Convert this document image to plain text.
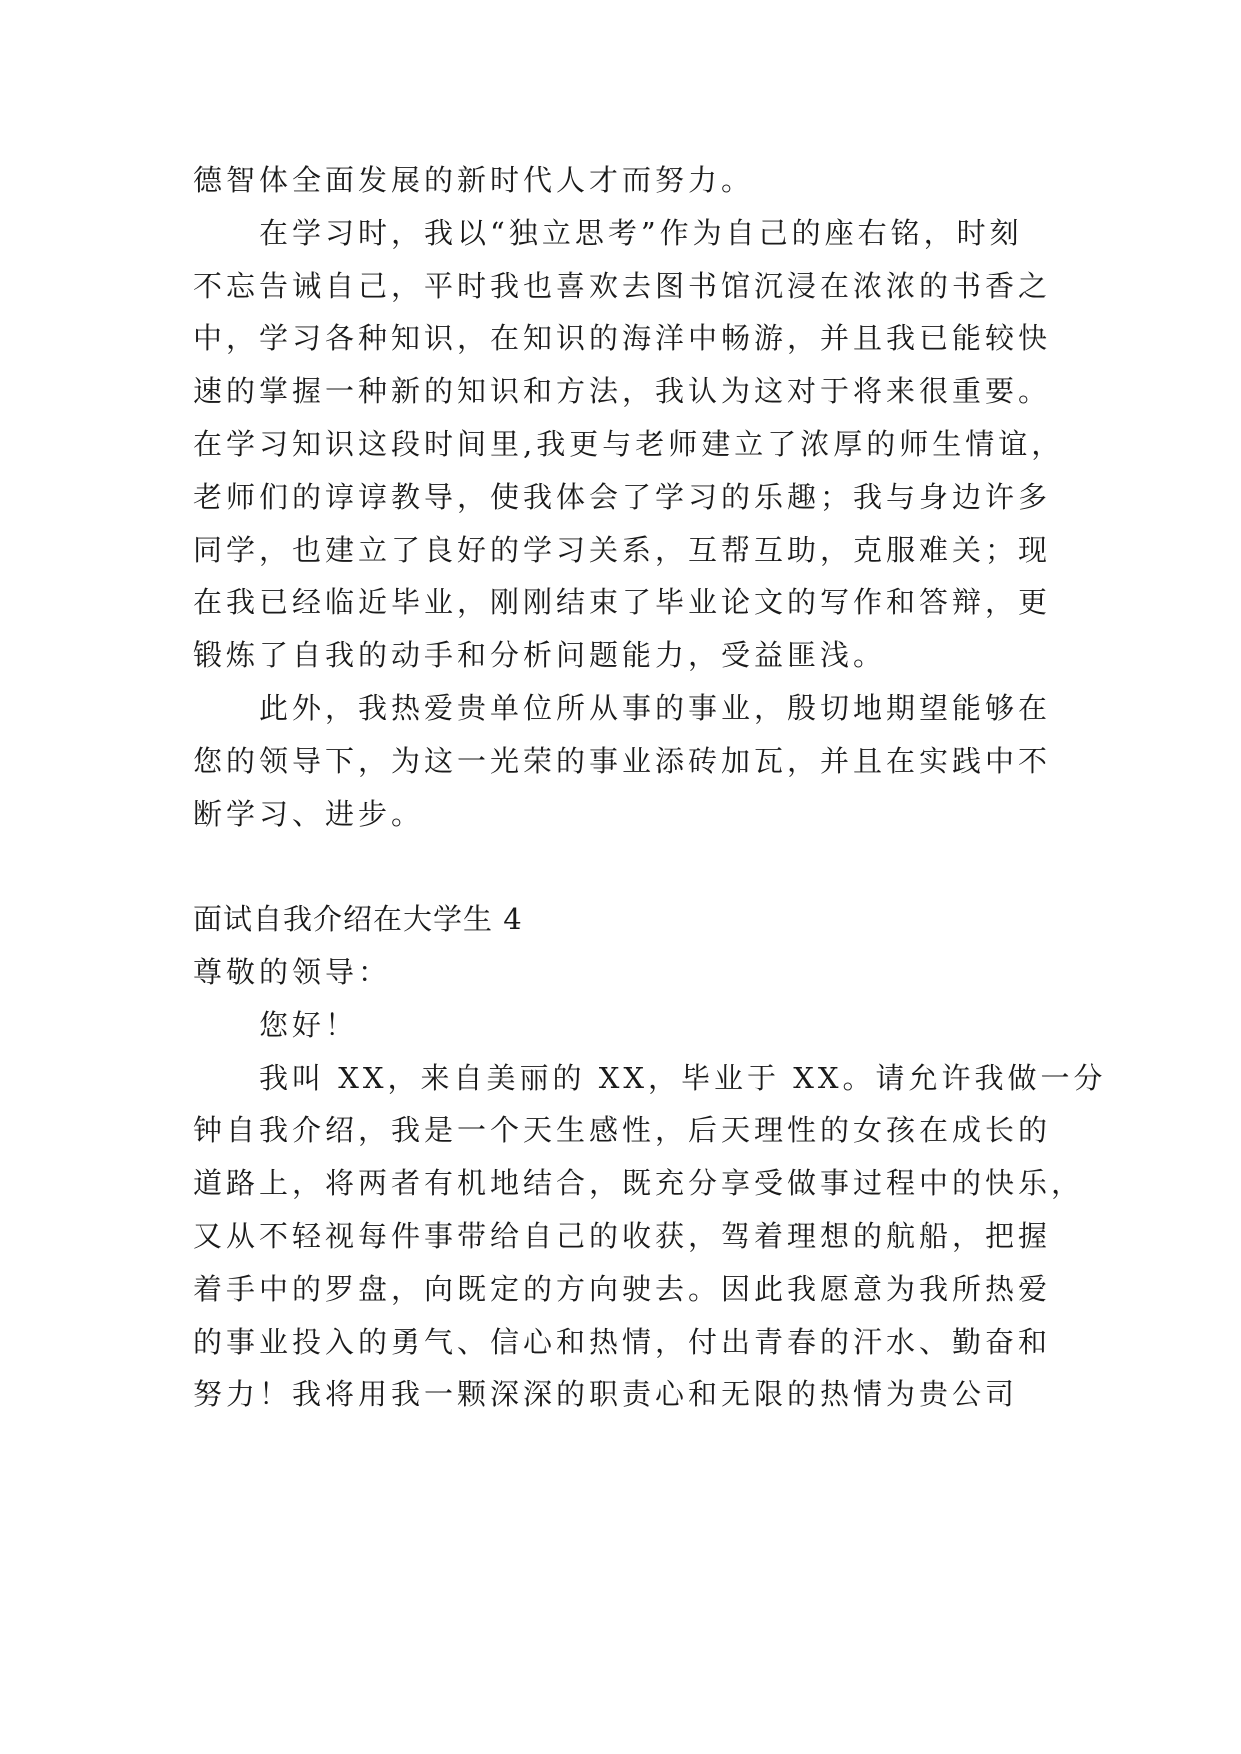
德智体全面发展的新时代人才而努力。
在学习时，我以“独立思考”作为自己的座右铭，时刻
不忘告诫自己，平时我也喜欢去图书馆沉浸在浓浓的书香之
中，学习各种知识，在知识的海洋中畅游，并且我已能较快
速的掌握一种新的知识和方法，我认为这对于将来很重要。
在学习知识这段时间里,我更与老师建立了浓厚的师生情谊，
老师们的谆谆教导，使我体会了学习的乐趣；我与身边许多
同学，也建立了良好的学习关系，互帮互助，克服难关；现
在我已经临近毕业，刚刚结束了毕业论文的写作和答辩，更
锻炼了自我的动手和分析问题能力，受益匪浅。
此外，我热爱贵单位所从事的事业，殷切地期望能够在
您的领导下，为这一光荣的事业添砖加瓦，并且在实践中不
断学习、进步。
面试自我介绍在大学生 4
尊敬的领导：
您好！
我叫 XX，来自美丽的 XX，毕业于 XX。请允许我做一分
钟自我介绍，我是一个天生感性，后天理性的女孩在成长的
道路上，将两者有机地结合，既充分享受做事过程中的快乐，
又从不轻视每件事带给自己的收获，驾着理想的航船，把握
着手中的罗盘，向既定的方向驶去。因此我愿意为我所热爱
的事业投入的勇气、信心和热情，付出青春的汗水、勤奋和
努力！我将用我一颗深深的职责心和无限的热情为贵公司
